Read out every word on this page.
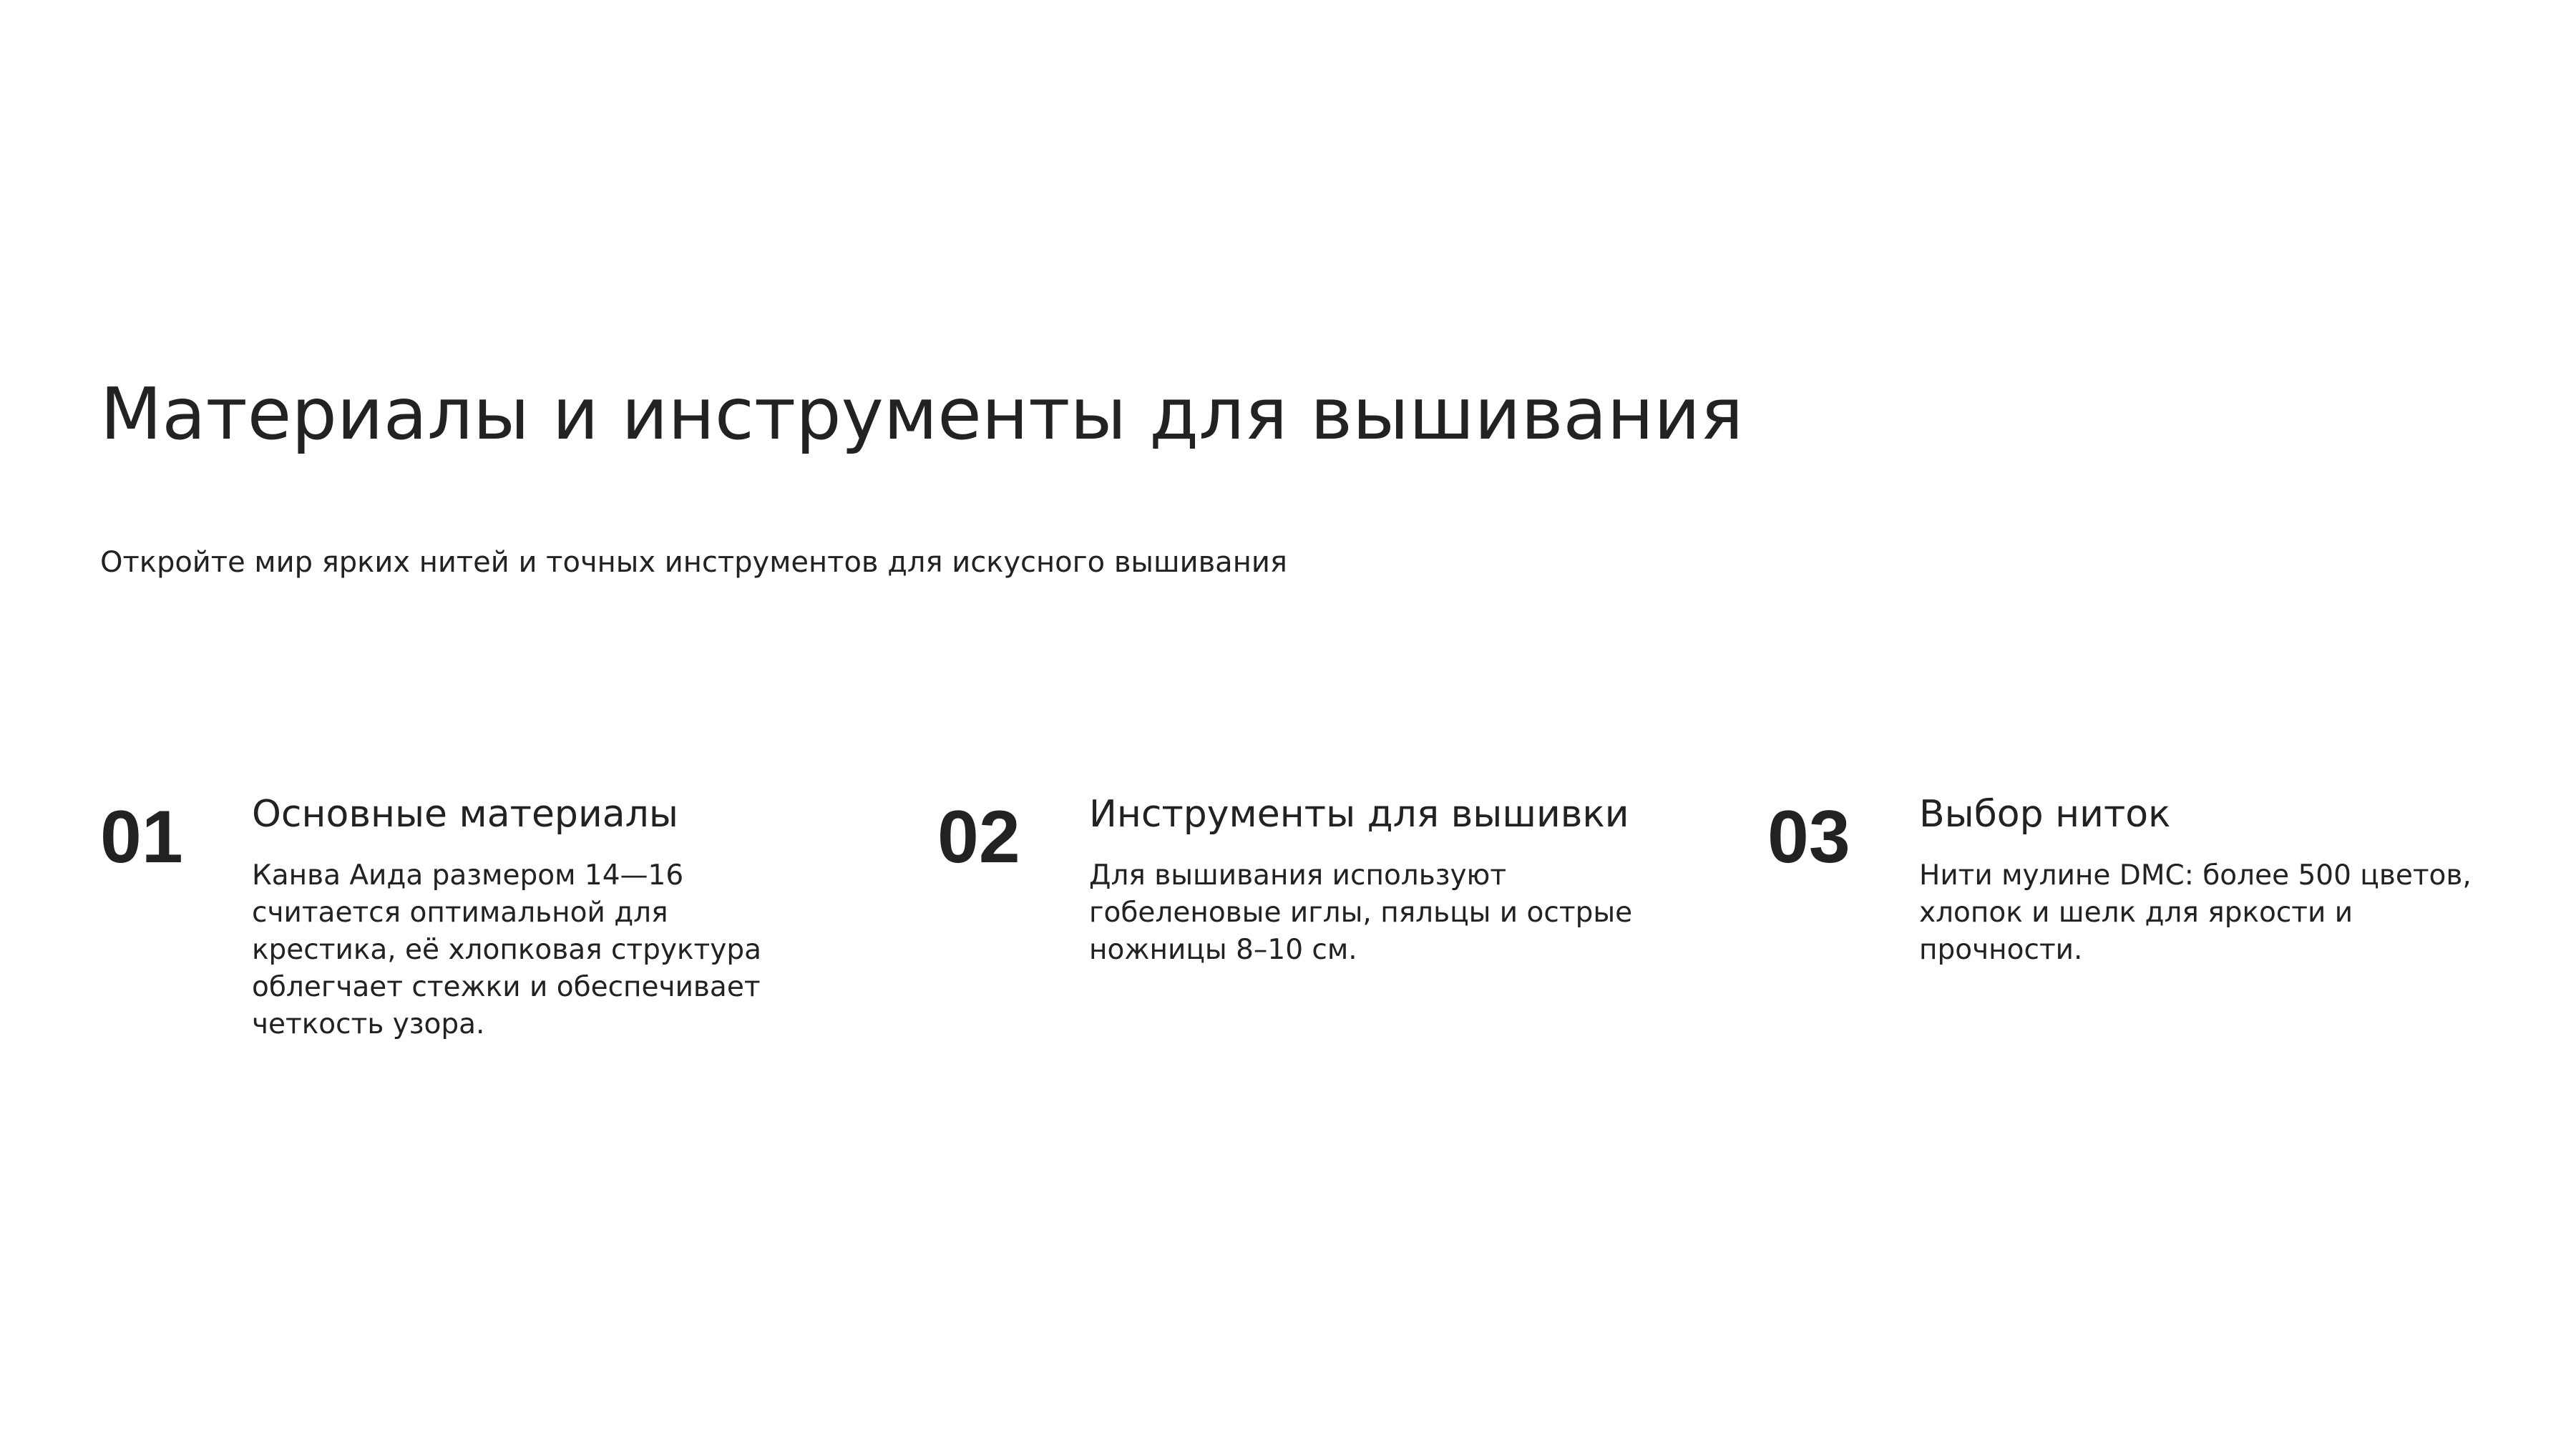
Материалы и инструменты для вышивания

Откройте мир ярких нитей и точных инструментов для искусного вышивания

01 Основные материалы

Канва Аида размером 14—16 считается оптимальной для крестика, её хлопковая структура облегчает стежки и обеспечивает четкость узора.

02 Инструменты для вышивки

Для вышивания используют гобеленовые иглы, пяльцы и острые ножницы 8–10 см.

03 Выбор ниток

Нити мулине DMC: более 500 цветов, хлопок и шелк для яркости и прочности.
